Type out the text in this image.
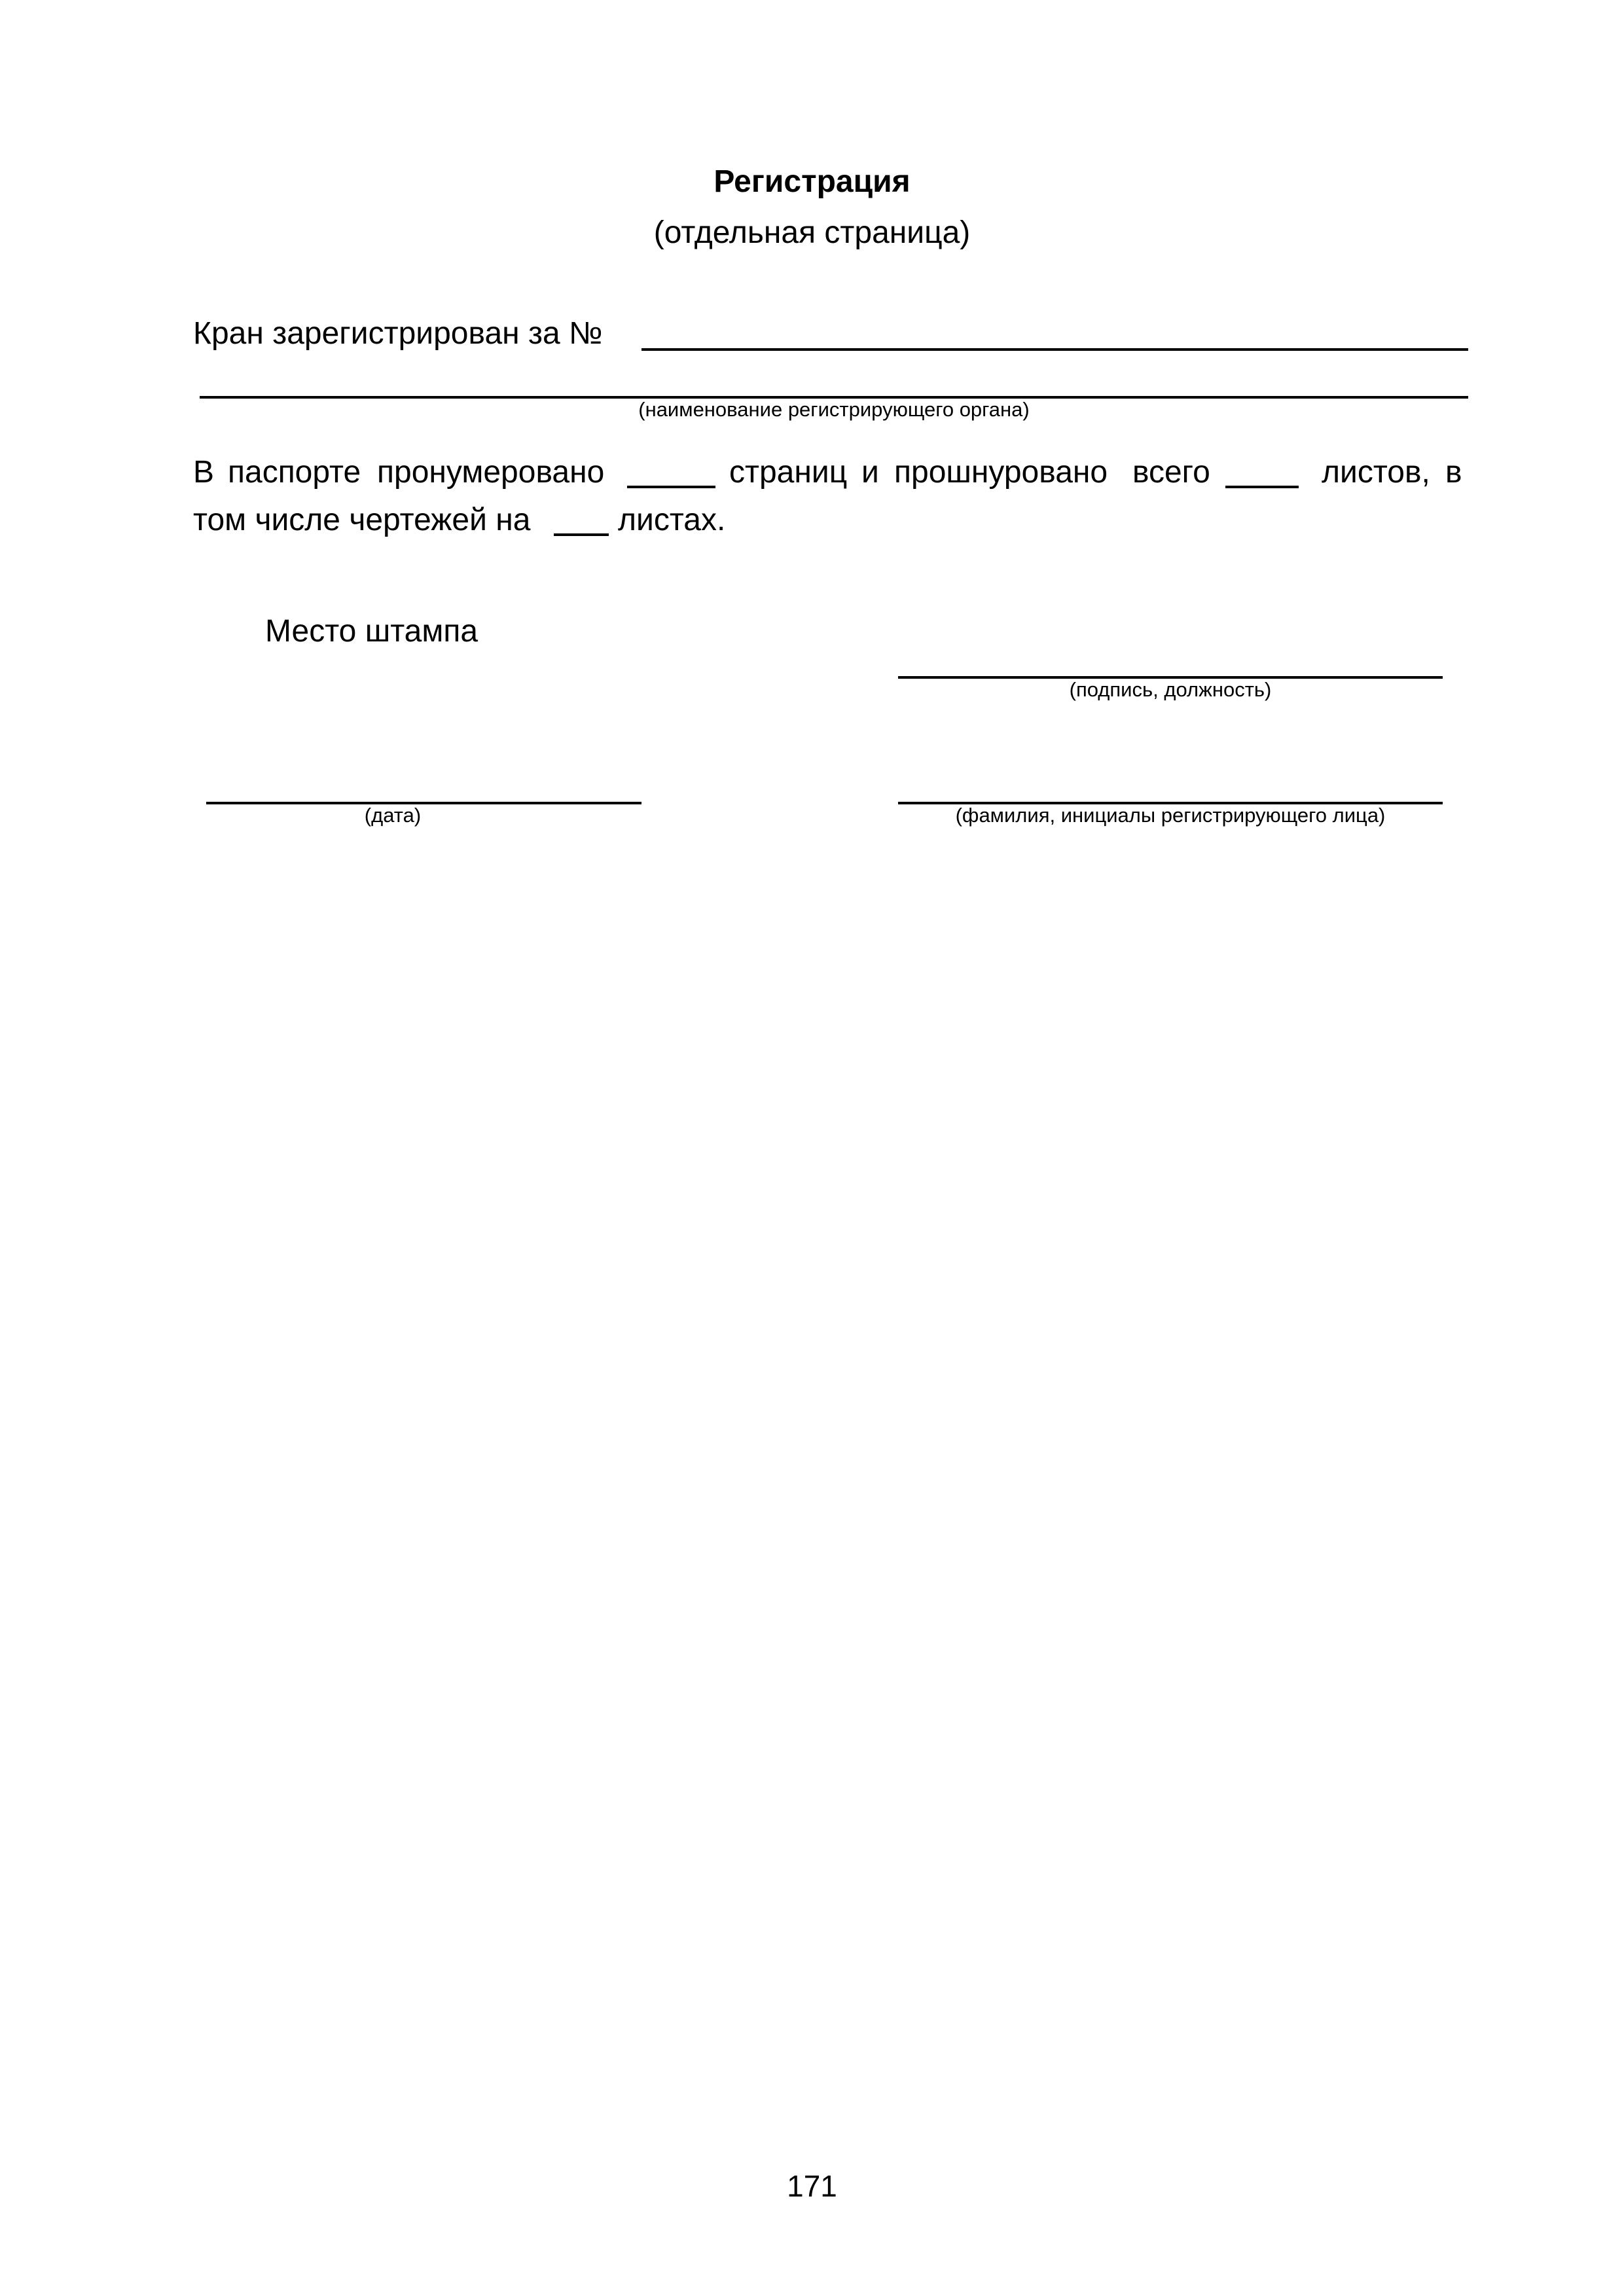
Регистрация
(отдельная страница)
Кран зарегистрирован за №
(наименование регистрирующего органа)
В паспорте пронумеровано	страниц и прошнуровано всего	листов, в
том числе чертежей на	листах.
Место штампа
(подпись, должность)
(дата)	(фамилия, инициалы регистрирующего лица)
171
